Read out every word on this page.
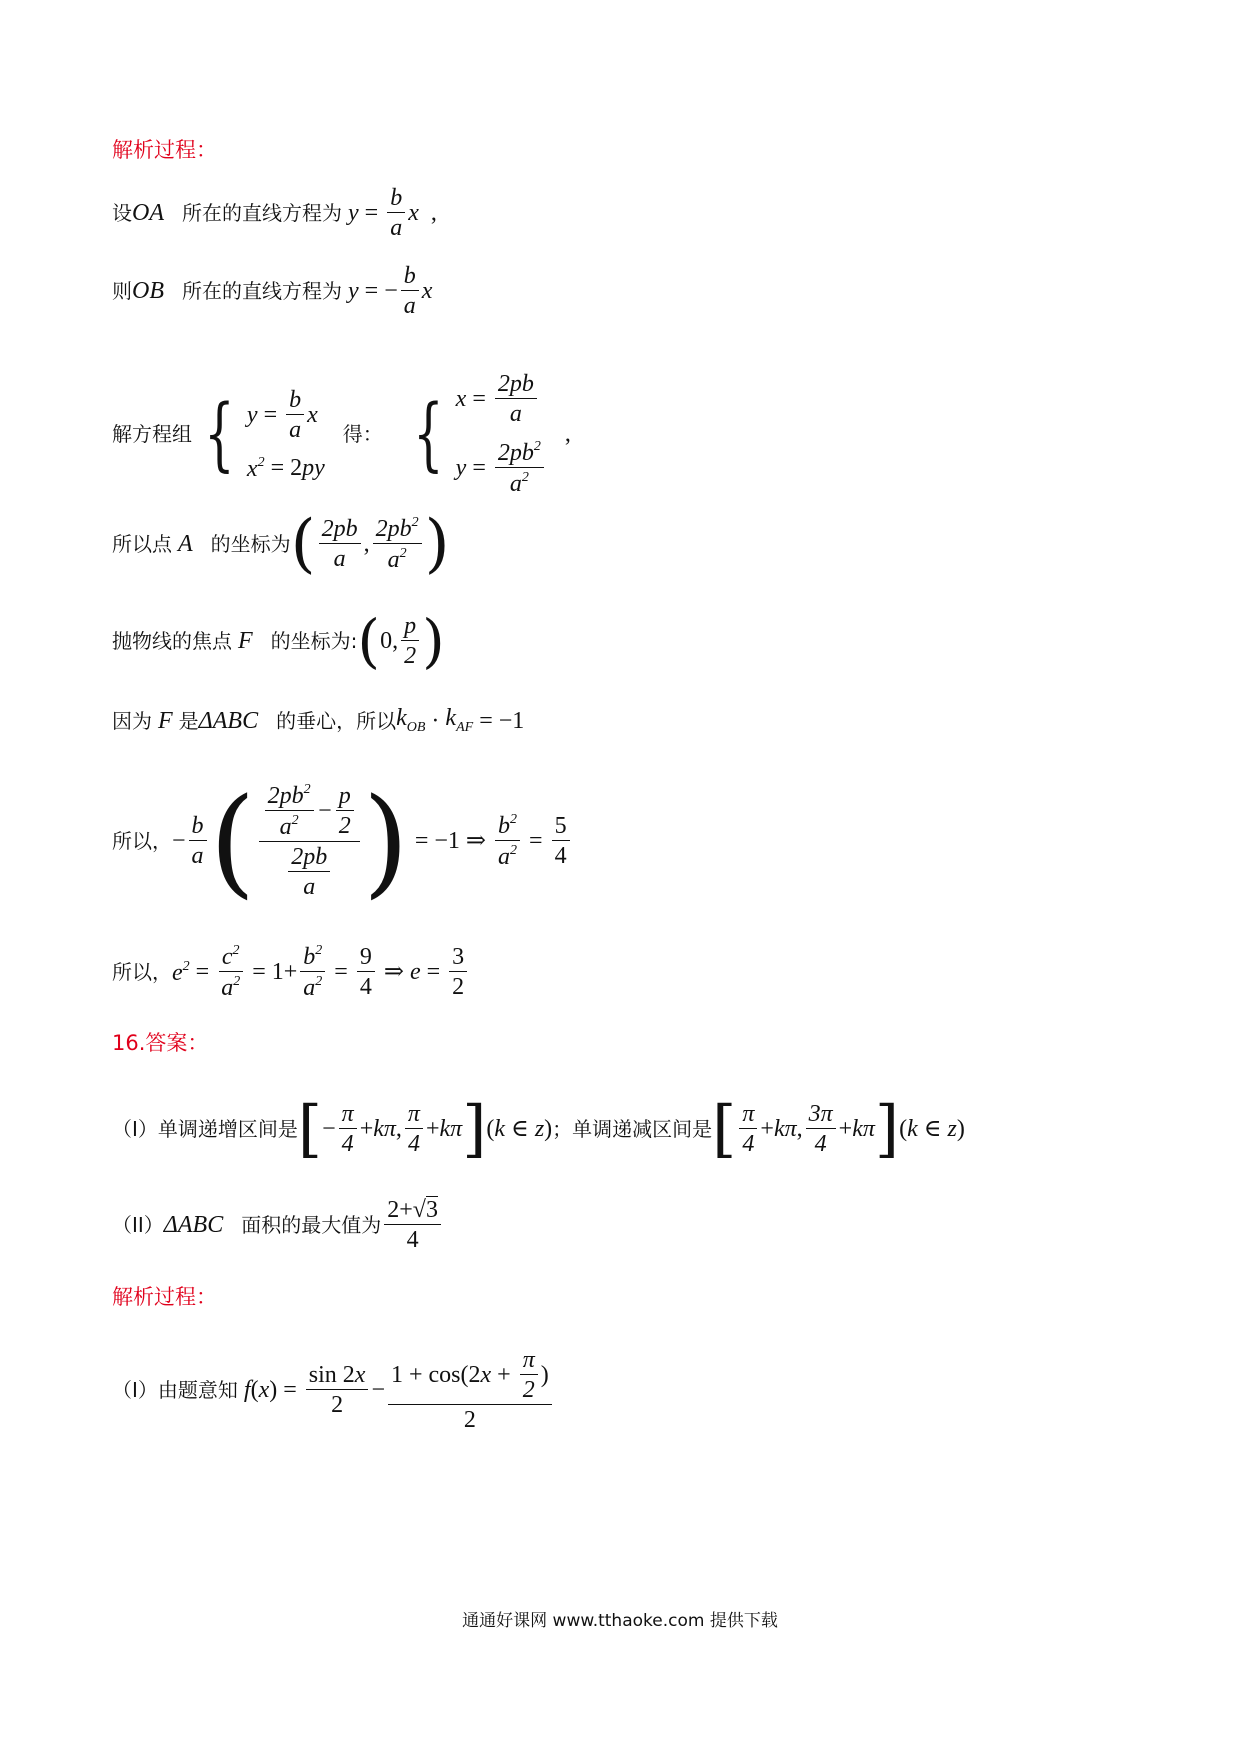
解析过程：
设 OA 所在的直线方程为 $y = \frac{b}{a}$ x ,
则 OB 所在的直线方程为 y = − $\frac{b}{a}$ x
解方程组 { $y = \frac{b}{a}$ x
$x^2 = 2$ py
得： { $x = \frac{2pb}{a}$
$y = \frac{2pb^2}{a^2}$
,
所以点
A 的坐标为 ( $\frac{2pb}{a}$ , $\frac{2pb^2}{a^2}$ )
抛物线的焦点
F 的坐标为: ( 0, $\frac{p}{2}$ )
因为
F
是 ΔABC 的垂心，所以 $k_{OB} \cdot k_{AF} = -1$
所以， − $\frac{b}{a}$ ( $\frac{\frac{2pb^2}{a^2} - \frac{p}{2}}{\frac{2pb}{a}}$ ) = −1 ⇒ $\frac{b^2}{a^2} = \frac{5}{4}$
所以， $e^2 = \frac{c^2}{a^2} = 1+ \frac{b^2}{a^2} = \frac{9}{4}$ ⇒ $e = \frac{3}{2}$
16.答案：
（I）单调递增区间是 [ − $\frac{\pi}{4} + k\pi$ , $\frac{\pi}{4} + k\pi$ ] ( k ∈ z ) ；单调递减区间是 [ $\frac{\pi}{4} + k\pi$ , $\frac{3\pi}{4} + k\pi$ ] ( k ∈ z )
（II） ΔABC 面积的最大值为 $\frac{2+√3}{4}$
解析过程：
（I）由题意知 f ( x ) = $\frac{\sin 2x}{2} - \frac{1 + \cos(2 x + \frac{\pi}{2} )}{2}$
通通好课网 www.tthaoke.com 提供下载
